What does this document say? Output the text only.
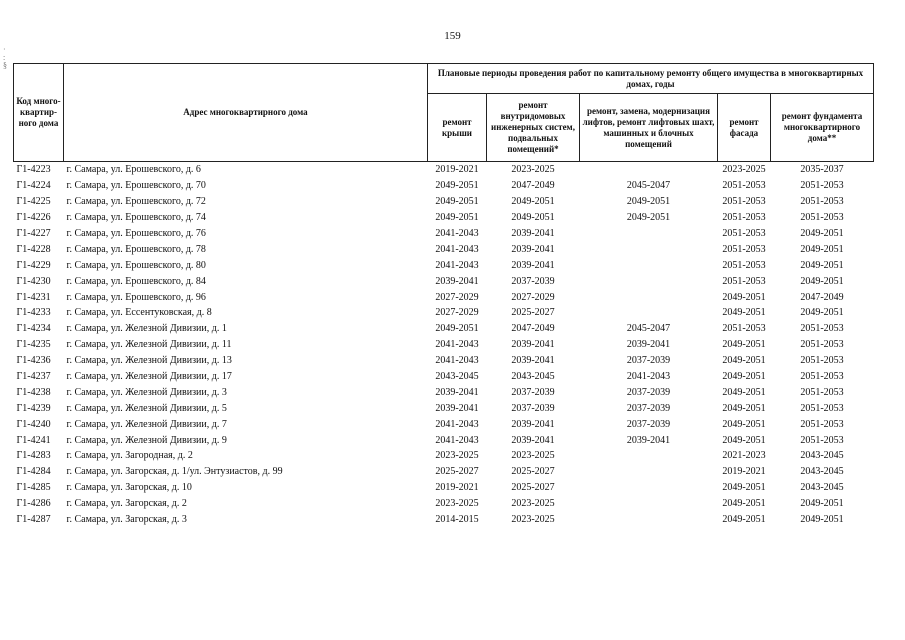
159
·
:
§
Код много-квартир-ного дома	Адрес многоквартирного дома	Плановые периоды проведения работ по капитальному ремонту общего имущества в многоквартирных домах, годы				
		ремонт крыши	ремонт внутридомовых инженерных систем, подвальных помещений*	ремонт, замена, модернизация лифтов, ремонт лифтовых шахт, машинных и блочных помещений	ремонт фасада	ремонт фундамента многоквартирного дома**
Г1-4223	г. Самара, ул. Ерошевского, д. 6	2019-2021	2023-2025		2023-2025	2035-2037
Г1-4224	г. Самара, ул. Ерошевского, д. 70	2049-2051	2047-2049	2045-2047	2051-2053	2051-2053
Г1-4225	г. Самара, ул. Ерошевского, д. 72	2049-2051	2049-2051	2049-2051	2051-2053	2051-2053
Г1-4226	г. Самара, ул. Ерошевского, д. 74	2049-2051	2049-2051	2049-2051	2051-2053	2051-2053
Г1-4227	г. Самара, ул. Ерошевского, д. 76	2041-2043	2039-2041		2051-2053	2049-2051
Г1-4228	г. Самара, ул. Ерошевского, д. 78	2041-2043	2039-2041		2051-2053	2049-2051
Г1-4229	г. Самара, ул. Ерошевского, д. 80	2041-2043	2039-2041		2051-2053	2049-2051
Г1-4230	г. Самара, ул. Ерошевского, д. 84	2039-2041	2037-2039		2051-2053	2049-2051
Г1-4231	г. Самара, ул. Ерошевского, д. 96	2027-2029	2027-2029		2049-2051	2047-2049
Г1-4233	г. Самара, ул. Ессентуковская, д. 8	2027-2029	2025-2027		2049-2051	2049-2051
Г1-4234	г. Самара, ул. Железной Дивизии, д. 1	2049-2051	2047-2049	2045-2047	2051-2053	2051-2053
Г1-4235	г. Самара, ул. Железной Дивизии, д. 11	2041-2043	2039-2041	2039-2041	2049-2051	2051-2053
Г1-4236	г. Самара, ул. Железной Дивизии, д. 13	2041-2043	2039-2041	2037-2039	2049-2051	2051-2053
Г1-4237	г. Самара, ул. Железной Дивизии, д. 17	2043-2045	2043-2045	2041-2043	2049-2051	2051-2053
Г1-4238	г. Самара, ул. Железной Дивизии, д. 3	2039-2041	2037-2039	2037-2039	2049-2051	2051-2053
Г1-4239	г. Самара, ул. Железной Дивизии, д. 5	2039-2041	2037-2039	2037-2039	2049-2051	2051-2053
Г1-4240	г. Самара, ул. Железной Дивизии, д. 7	2041-2043	2039-2041	2037-2039	2049-2051	2051-2053
Г1-4241	г. Самара, ул. Железной Дивизии, д. 9	2041-2043	2039-2041	2039-2041	2049-2051	2051-2053
Г1-4283	г. Самара, ул. Загородная, д. 2	2023-2025	2023-2025		2021-2023	2043-2045
Г1-4284	г. Самара, ул. Загорская, д. 1/ул. Энтузиастов, д. 99	2025-2027	2025-2027		2019-2021	2043-2045
Г1-4285	г. Самара, ул. Загорская, д. 10	2019-2021	2025-2027		2049-2051	2043-2045
Г1-4286	г. Самара, ул. Загорская, д. 2	2023-2025	2023-2025		2049-2051	2049-2051
Г1-4287	г. Самара, ул. Загорская, д. 3	2014-2015	2023-2025		2049-2051	2049-2051
